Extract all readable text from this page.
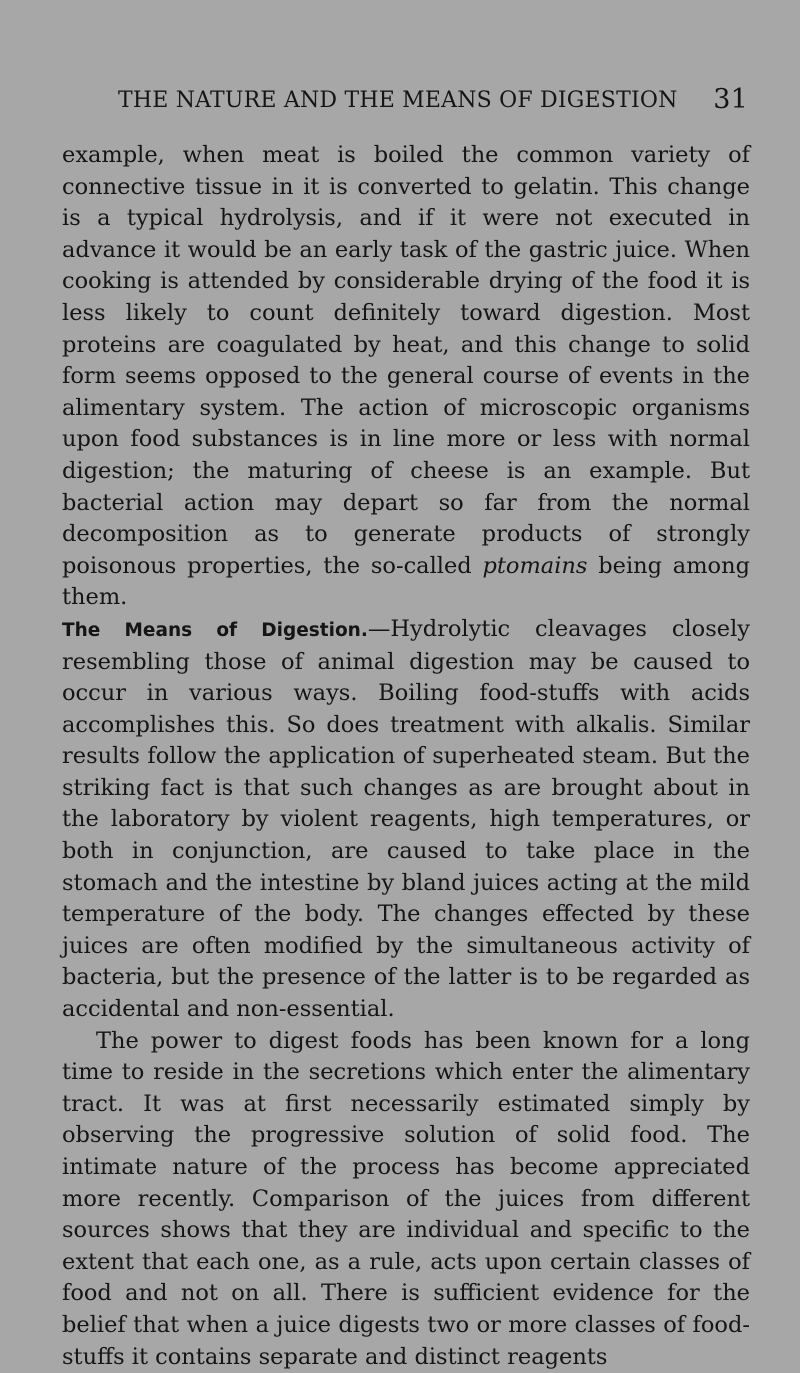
THE NATURE AND THE MEANS OF DIGESTION 31

example, when meat is boiled the common variety of connective tissue in it is converted to gelatin. This change is a typical hydrolysis, and if it were not executed in advance it would be an early task of the gastric juice. When cooking is attended by considerable drying of the food it is less likely to count definitely toward digestion. Most proteins are coagulated by heat, and this change to solid form seems opposed to the general course of events in the alimentary system. The action of microscopic organisms upon food substances is in line more or less with normal digestion; the maturing of cheese is an example. But bacterial action may depart so far from the normal decomposition as to generate products of strongly poisonous properties, the so-called ptomains being among them.

The Means of Digestion.—Hydrolytic cleavages closely resembling those of animal digestion may be caused to occur in various ways. Boiling food-stuffs with acids accomplishes this. So does treatment with alkalis. Similar results follow the application of superheated steam. But the striking fact is that such changes as are brought about in the laboratory by violent reagents, high temperatures, or both in conjunction, are caused to take place in the stomach and the intestine by bland juices acting at the mild temperature of the body. The changes effected by these juices are often modified by the simultaneous activity of bacteria, but the presence of the latter is to be regarded as accidental and non-essential.

The power to digest foods has been known for a long time to reside in the secretions which enter the alimentary tract. It was at first necessarily estimated simply by observing the progressive solution of solid food. The intimate nature of the process has become appreciated more recently. Comparison of the juices from different sources shows that they are individual and specific to the extent that each one, as a rule, acts upon certain classes of food and not on all. There is sufficient evidence for the belief that when a juice digests two or more classes of food-stuffs it contains separate and distinct reagents
